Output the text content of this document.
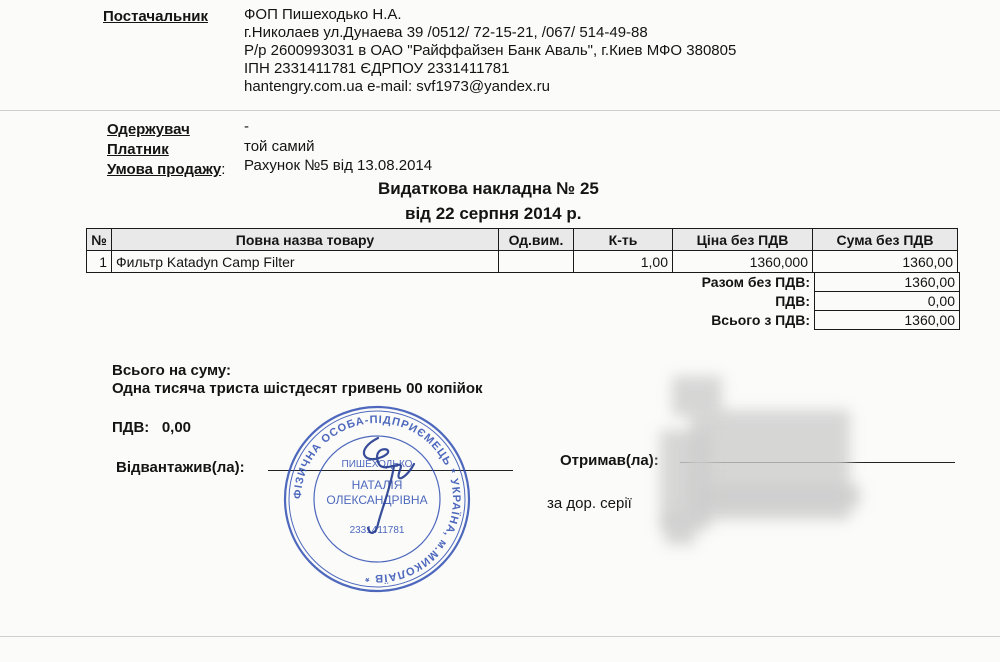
Постачальник ФОП Пишеходько Н.А.
г.Николаев ул.Дунаева 39 /0512/ 72-15-21, /067/ 514-49-88
Р/р 2600993031 в ОАО "Райффайзен Банк Аваль", г.Киев МФО 380805
ІПН 2331411781 ЄДРПОУ 2331411781
hantengry.com.ua e-mail: svf1973@yandex.ru
Одержувач	-
Платник	той самий
Умова продажу: Рахунок №5 від 13.08.2014
Видаткова накладна № 25
від 22 серпня 2014 р.
№	Повна назва товару	Од.вим.	К-ть	Ціна без ПДВ	Сума без ПДВ
1	Фильтр Katadyn Camp Filter		1,00	1360,000	1360,00
Разом без ПДВ:	1360,00
ПДВ:	0,00
Всього з ПДВ:	1360,00
Всього на суму:
Одна тисяча триста шістдесят гривень 00 копійок
ПДВ: 0,00
Відвантажив(ла):	Отримав(ла):
за дор. серії
ФІЗИЧНА ОСОБА-ПІДПРИЄМЕЦЬ * УКРАЇНА, м.МИКОЛАЇВ *
ПИШЕХОДЬКО
НАТАЛІЯ
ОЛЕКСАНДРІВНА
2331411781
